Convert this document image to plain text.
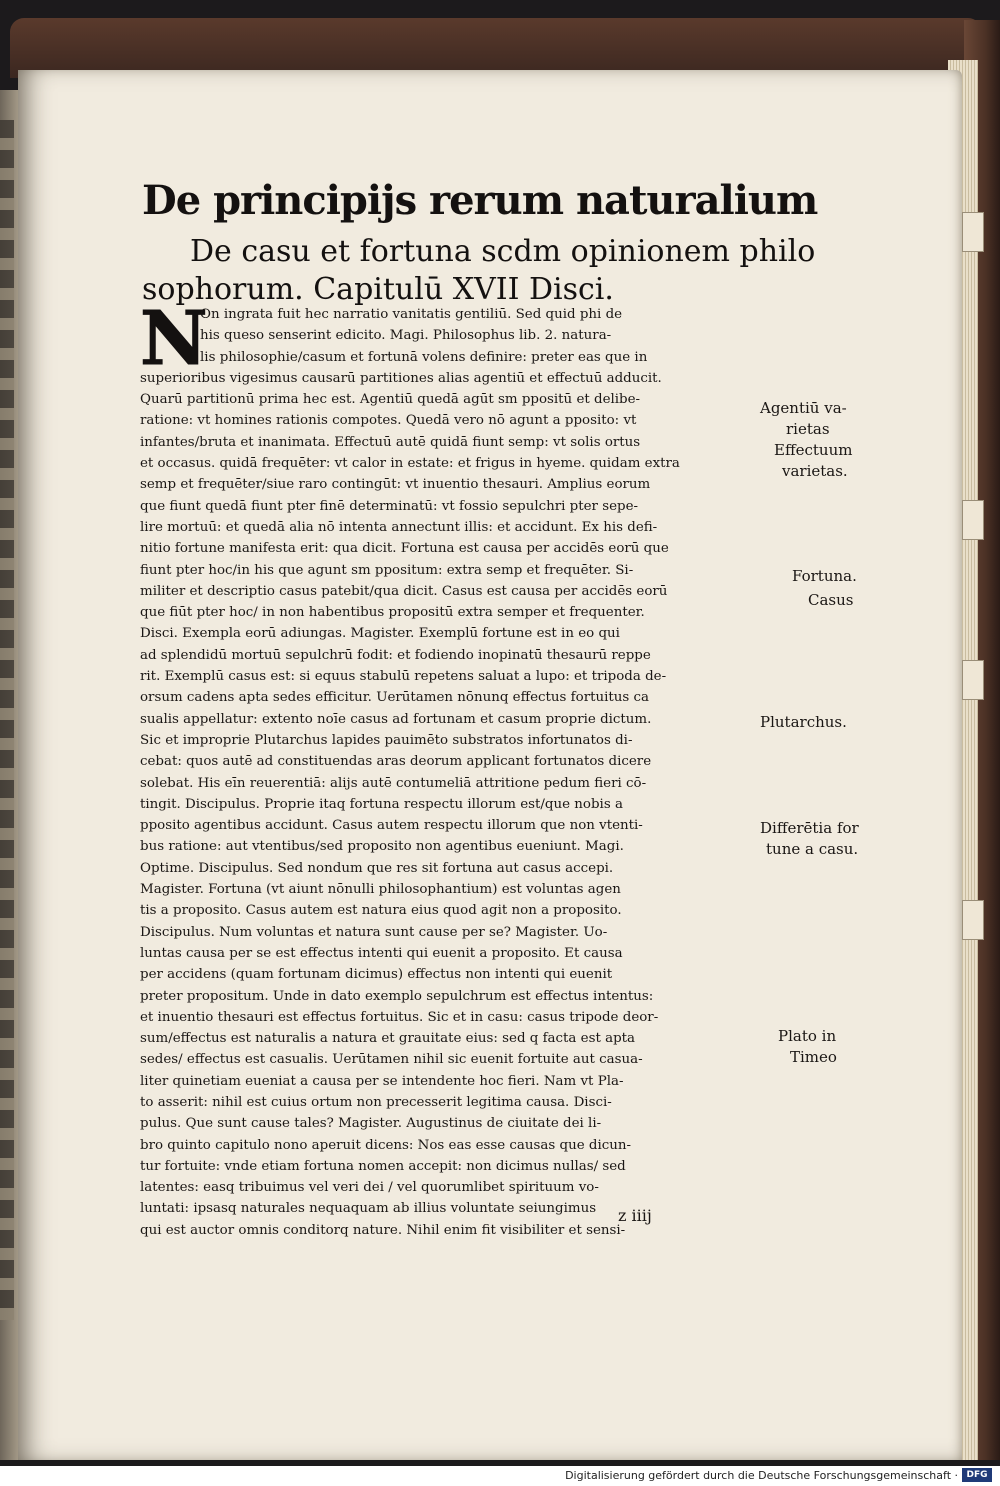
De principijs rerum naturalium
De casu et fortuna scdm opinionem philo
sophorum. Capitulū XVII Disci.
N
On ingrata fuit hec narratio vanitatis gentiliū. Sed quid phi de
his queso senserint edicito. Magi. Philosophus lib. 2. natura-
lis philosophie/casum et fortunā volens definire: preter eas que in
superioribus vigesimus causarū partitiones alias agentiū et effectuū adducit.
Quarū partitionū prima hec est. Agentiū quedā agūt sm ppositū et delibe-
ratione: vt homines rationis compotes. Quedā vero nō agunt a pposito: vt
infantes/bruta et inanimata. Effectuū autē quidā fiunt semp: vt solis ortus
et occasus. quidā frequēter: vt calor in estate: et frigus in hyeme. quidam extra
semp et frequēter/siue raro contingūt: vt inuentio thesauri. Amplius eorum
que fiunt quedā fiunt pter finē determinatū: vt fossio sepulchri pter sepe-
lire mortuū: et quedā alia nō intenta annectunt illis: et accidunt. Ex his defi-
nitio fortune manifesta erit: qua dicit. Fortuna est causa per accidēs eorū que
fiunt pter hoc/in his que agunt sm ppositum: extra semp et frequēter. Si-
militer et descriptio casus patebit/qua dicit. Casus est causa per accidēs eorū
que fiūt pter hoc/ in non habentibus propositū extra semper et frequenter.
Disci. Exempla eorū adiungas. Magister. Exemplū fortune est in eo qui
ad splendidū mortuū sepulchrū fodit: et fodiendo inopinatū thesaurū reppe
rit. Exemplū casus est: si equus stabulū repetens saluat a lupo: et tripoda de-
orsum cadens apta sedes efficitur. Uerūtamen nōnunq effectus fortuitus ca
sualis appellatur: extento noīe casus ad fortunam et casum proprie dictum.
Sic et improprie Plutarchus lapides pauimēto substratos infortunatos di-
cebat: quos autē ad constituendas aras deorum applicant fortunatos dicere
solebat. His eīn reuerentiā: alijs autē contumeliā attritione pedum fieri cō-
tingit. Discipulus. Proprie itaq fortuna respectu illorum est/que nobis a
pposito agentibus accidunt. Casus autem respectu illorum que non vtenti-
bus ratione: aut vtentibus/sed proposito non agentibus eueniunt. Magi.
Optime. Discipulus. Sed nondum que res sit fortuna aut casus accepi.
Magister. Fortuna (vt aiunt nōnulli philosophantium) est voluntas agen
tis a proposito. Casus autem est natura eius quod agit non a proposito.
Discipulus. Num voluntas et natura sunt cause per se? Magister. Uo-
luntas causa per se est effectus intenti qui euenit a proposito. Et causa
per accidens (quam fortunam dicimus) effectus non intenti qui euenit
preter propositum. Unde in dato exemplo sepulchrum est effectus intentus:
et inuentio thesauri est effectus fortuitus. Sic et in casu: casus tripode deor-
sum/effectus est naturalis a natura et grauitate eius: sed q facta est apta
sedes/ effectus est casualis. Uerūtamen nihil sic euenit fortuite aut casua-
liter quinetiam eueniat a causa per se intendente hoc fieri. Nam vt Pla-
to asserit: nihil est cuius ortum non precesserit legitima causa. Disci-
pulus. Que sunt cause tales? Magister. Augustinus de ciuitate dei li-
bro quinto capitulo nono aperuit dicens: Nos eas esse causas que dicun-
tur fortuite: vnde etiam fortuna nomen accepit: non dicimus nullas/ sed
latentes: easq tribuimus vel veri dei / vel quorumlibet spirituum vo-
luntati: ipsasq naturales nequaquam ab illius voluntate seiungimus
qui est auctor omnis conditorq nature. Nihil enim fit visibiliter et sensi-
Agentiū va-
rietas
Effectuum
varietas.
Fortuna.
Casus
Plutarchus.
Differētia for
tune a casu.
Plato in
Timeo
z iiij
Digitalisierung gefördert durch die Deutsche Forschungsgemeinschaft · DFG
